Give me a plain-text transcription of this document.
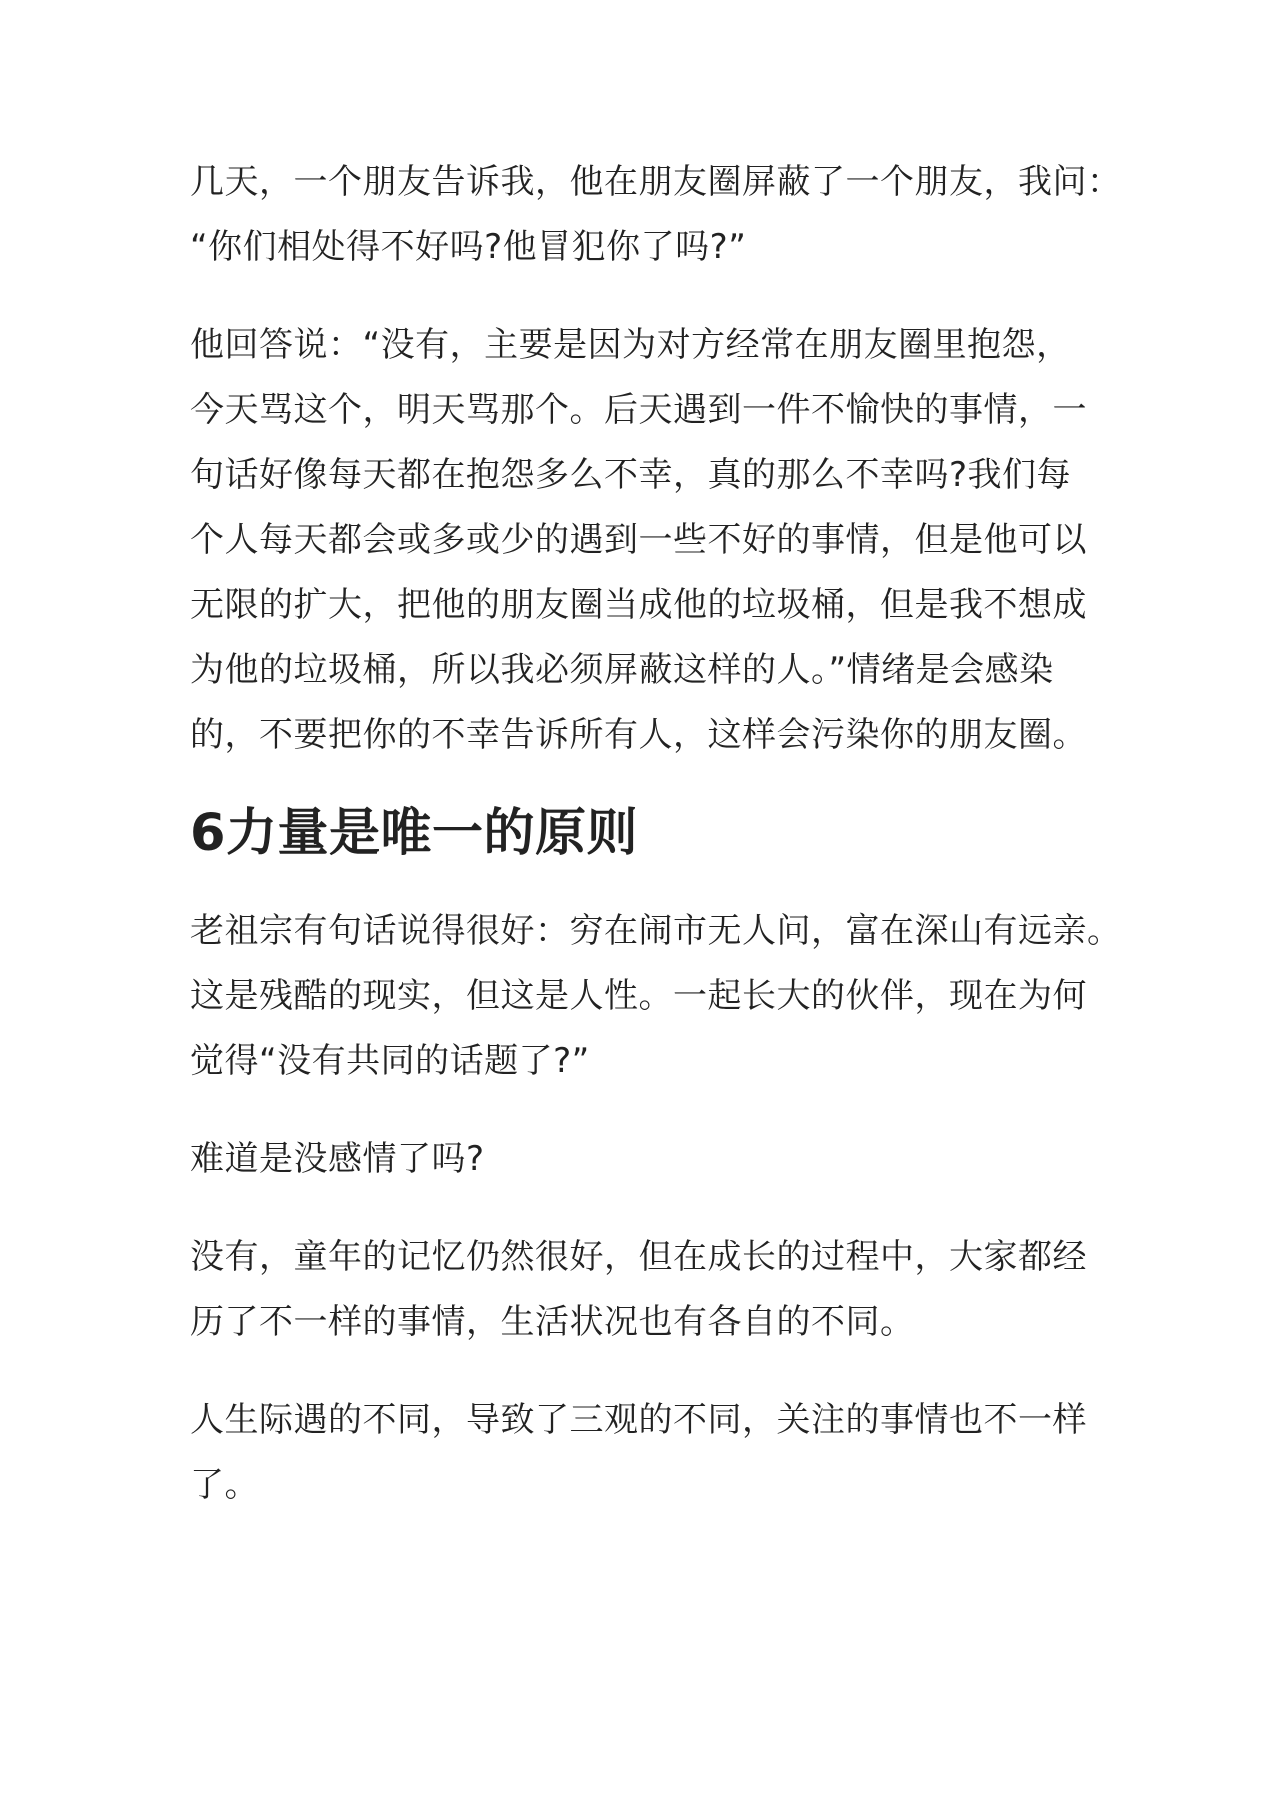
几天，一个朋友告诉我，他在朋友圈屏蔽了一个朋友，我问：
“你们相处得不好吗?他冒犯你了吗?”

他回答说：“没有，主要是因为对方经常在朋友圈里抱怨，
今天骂这个，明天骂那个。后天遇到一件不愉快的事情，一
句话好像每天都在抱怨多么不幸，真的那么不幸吗?我们每
个人每天都会或多或少的遇到一些不好的事情，但是他可以
无限的扩大，把他的朋友圈当成他的垃圾桶，但是我不想成
为他的垃圾桶，所以我必须屏蔽这样的人。”情绪是会感染
的，不要把你的不幸告诉所有人，这样会污染你的朋友圈。

6力量是唯一的原则

老祖宗有句话说得很好：穷在闹市无人问，富在深山有远亲。
这是残酷的现实，但这是人性。一起长大的伙伴，现在为何
觉得“没有共同的话题了?”

难道是没感情了吗?

没有，童年的记忆仍然很好，但在成长的过程中，大家都经
历了不一样的事情，生活状况也有各自的不同。

人生际遇的不同，导致了三观的不同，关注的事情也不一样
了。
